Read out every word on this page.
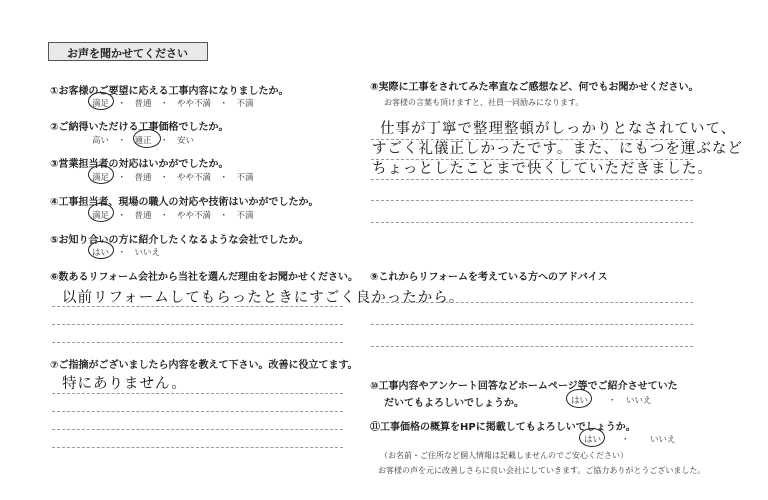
お声を聞かせてください
①お客様のご要望に応える工事内容になりましたか。
満足　・　普通　・　やや不満　・　不満
②ご納得いただける工事価格でしたか。
高い　・　適正　・　安い
③営業担当者の対応はいかがでしたか。
満足　・　普通　・　やや不満　・　不満
④工事担当者、現場の職人の対応や技術はいかがでしたか。
満足　・　普通　・　やや不満　・　不満
⑤お知り合いの方に紹介したくなるような会社でしたか。
はい　・　いいえ
⑥数あるリフォーム会社から当社を選んだ理由をお聞かせください。
以前リフォームしてもらったときにすごく良かったから。
⑦ご指摘がございましたら内容を教えて下さい。改善に役立てます。
特にありません。
⑧実際に工事をされてみた率直なご感想など、何でもお聞かせください。
お客様の言葉も頂けますと、社員一同励みになります。
仕事が丁寧で整理整頓がしっかりとなされていて、
すごく礼儀正しかったです。また、にもつを運ぶなど
ちょっとしたことまで快くしていただきました。
⑨これからリフォームを考えている方へのアドバイス
⑩工事内容やアンケート回答などホームページ等でご紹介させていた
だいてもよろしいでしょうか。	はい ・ いいえ
⑪工事価格の概算をHPに掲載してもよろしいでしょうか。
はい ・ いいえ
（お名前・ご住所など個人情報は記載しませんのでご安心ください）
お客様の声を元に改善しさらに良い会社にしていきます。ご協力ありがとうございました。
